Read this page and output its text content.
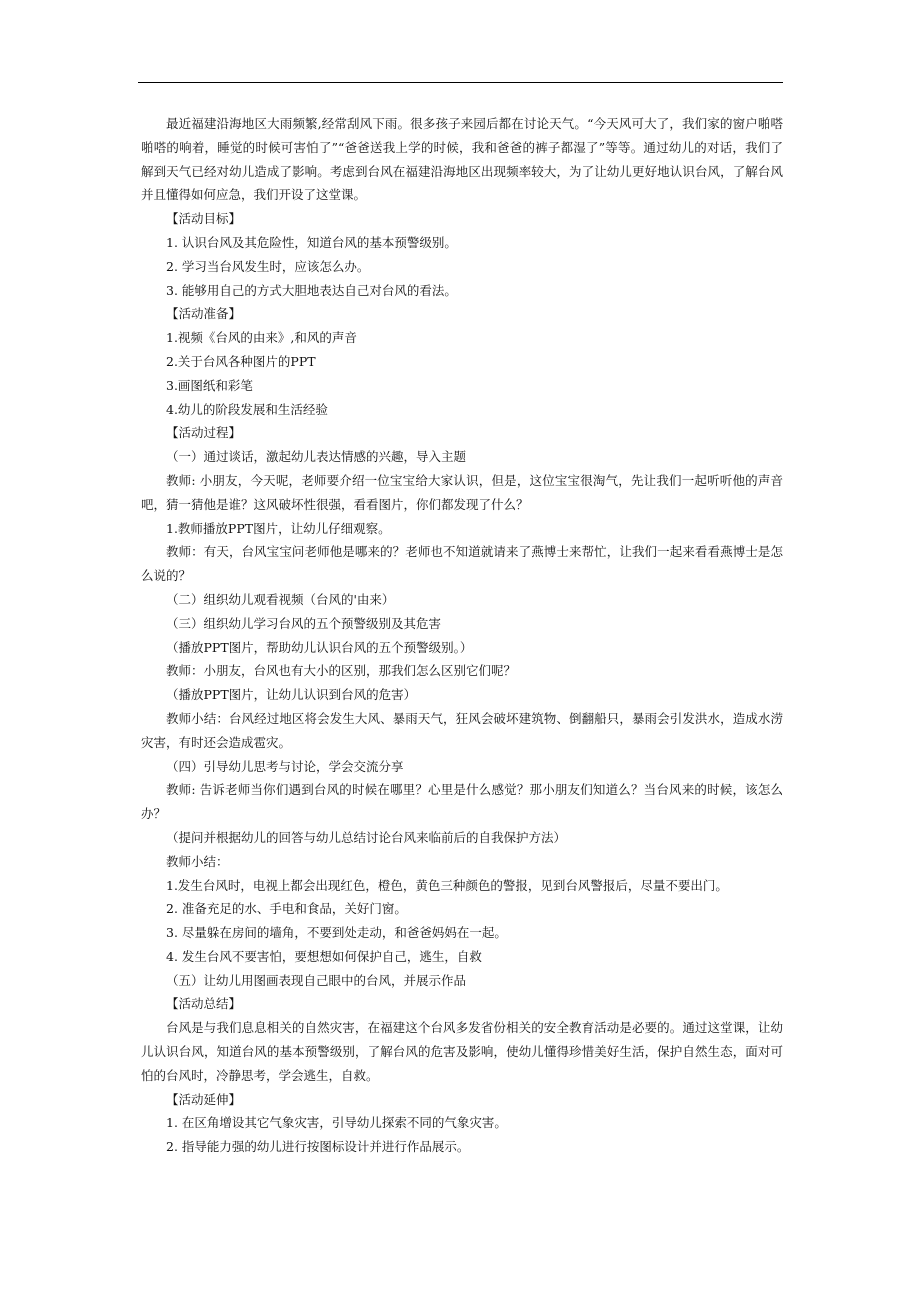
最近福建沿海地区大雨频繁,经常刮风下雨。很多孩子来园后都在讨论天气。“今天风可大了，我们家的窗户啪嗒啪嗒的响着，睡觉的时候可害怕了”“爸爸送我上学的时候，我和爸爸的裤子都湿了”等等。通过幼儿的对话，我们了解到天气已经对幼儿造成了影响。考虑到台风在福建沿海地区出现频率较大，为了让幼儿更好地认识台风，了解台风并且懂得如何应急，我们开设了这堂课。

【活动目标】

1. 认识台风及其危险性，知道台风的基本预警级别。

2. 学习当台风发生时，应该怎么办。

3. 能够用自己的方式大胆地表达自己对台风的看法。

【活动准备】

1.视频《台风的由来》,和风的声音

2.关于台风各种图片的PPT

3.画图纸和彩笔

4.幼儿的阶段发展和生活经验

【活动过程】

（一）通过谈话，激起幼儿表达情感的兴趣，导入主题

教师: 小朋友，今天呢，老师要介绍一位宝宝给大家认识，但是，这位宝宝很淘气，先让我们一起听听他的声音吧，猜一猜他是谁？这风破坏性很强，看看图片，你们都发现了什么？

1.教师播放PPT图片，让幼儿仔细观察。

教师：有天，台风宝宝问老师他是哪来的？老师也不知道就请来了燕博士来帮忙，让我们一起来看看燕博士是怎么说的？

（二）组织幼儿观看视频（台风的'由来）

（三）组织幼儿学习台风的五个预警级别及其危害

（播放PPT图片，帮助幼儿认识台风的五个预警级别。）

教师：小朋友，台风也有大小的区别，那我们怎么区别它们呢？

（播放PPT图片，让幼儿认识到台风的危害）

教师小结：台风经过地区将会发生大风、暴雨天气，狂风会破坏建筑物、倒翻船只，暴雨会引发洪水，造成水涝灾害，有时还会造成雹灾。

（四）引导幼儿思考与讨论，学会交流分享

教师: 告诉老师当你们遇到台风的时候在哪里？心里是什么感觉？那小朋友们知道么？当台风来的时候，该怎么办？

（提问并根据幼儿的回答与幼儿总结讨论台风来临前后的自我保护方法）

教师小结：

1.发生台风时，电视上都会出现红色，橙色，黄色三种颜色的警报，见到台风警报后，尽量不要出门。

2. 准备充足的水、手电和食品，关好门窗。

3. 尽量躲在房间的墙角，不要到处走动，和爸爸妈妈在一起。

4. 发生台风不要害怕，要想想如何保护自己，逃生，自救

（五）让幼儿用图画表现自己眼中的台风，并展示作品

【活动总结】

台风是与我们息息相关的自然灾害，在福建这个台风多发省份相关的安全教育活动是必要的。通过这堂课，让幼儿认识台风，知道台风的基本预警级别，了解台风的危害及影响，使幼儿懂得珍惜美好生活，保护自然生态，面对可怕的台风时，冷静思考，学会逃生，自救。

【活动延伸】

1. 在区角增设其它气象灾害，引导幼儿探索不同的气象灾害。

2. 指导能力强的幼儿进行按图标设计并进行作品展示。
